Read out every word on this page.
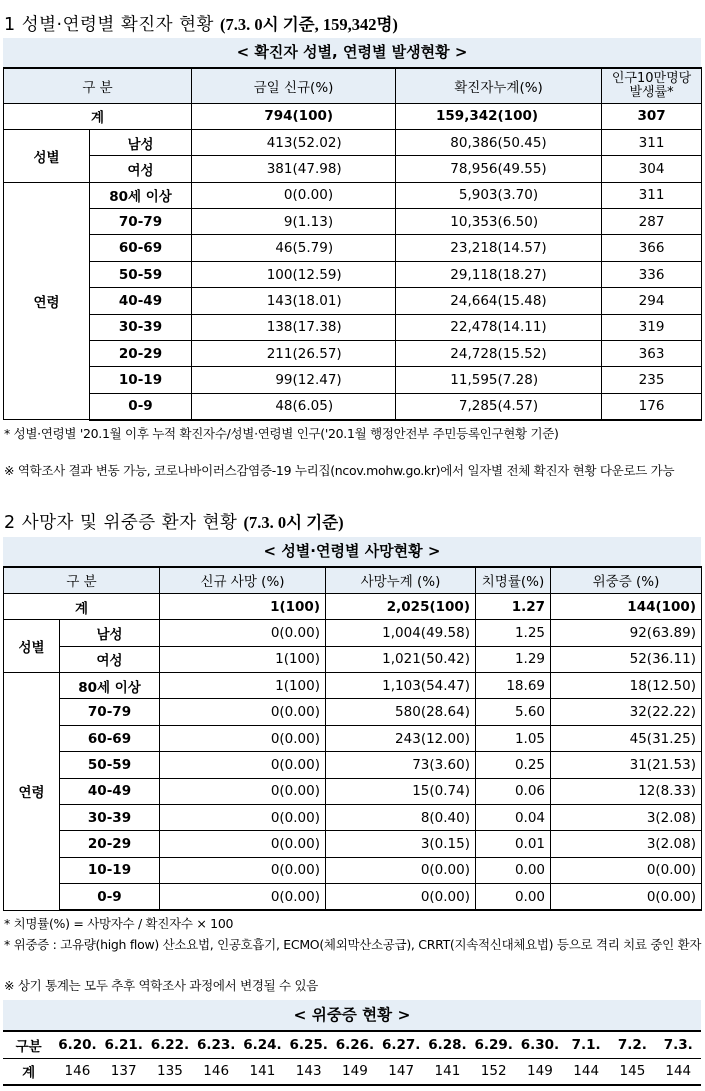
1 성별·연령별 확진자 현황 (7.3. 0시 기준, 159,342명)
< 확진자 성별, 연령별 발생현황 >
구 분		금일 신규(%)		확진자누계(%)		인구10만명당
발생률*
계		794	(100)	159,342	(100)	307
성별	남성	413	(52.02)	80,386	(50.45)	311
	여성	381	(47.98)	78,956	(49.55)	304
연령	80세 이상	0	(0.00)	5,903	(3.70)	311
	70-79	9	(1.13)	10,353	(6.50)	287
	60-69	46	(5.79)	23,218	(14.57)	366
	50-59	100	(12.59)	29,118	(18.27)	336
	40-49	143	(18.01)	24,664	(15.48)	294
	30-39	138	(17.38)	22,478	(14.11)	319
	20-29	211	(26.57)	24,728	(15.52)	363
	10-19	99	(12.47)	11,595	(7.28)	235
	0-9	48	(6.05)	7,285	(4.57)	176
* 성별·연령별 '20.1월 이후 누적 확진자수/성별·연령별 인구('20.1월 행정안전부 주민등록인구현황 기준)
※ 역학조사 결과 변동 가능, 코로나바이러스감염증-19 누리집(ncov.mohw.go.kr)에서 일자별 전체 확진자 현황 다운로드 가능
2 사망자 및 위중증 환자 현황 (7.3. 0시 기준)
< 성별·연령별 사망현황 >
구 분		신규 사망 (%)	사망누계 (%)	치명률(%)	위중증 (%)
계		1(100)	2,025(100)	1.27	144(100)
성별	남성	0(0.00)	1,004(49.58)	1.25	92(63.89)
	여성	1(100)	1,021(50.42)	1.29	52(36.11)
연령	80세 이상	1(100)	1,103(54.47)	18.69	18(12.50)
	70-79	0(0.00)	580(28.64)	5.60	32(22.22)
	60-69	0(0.00)	243(12.00)	1.05	45(31.25)
	50-59	0(0.00)	73(3.60)	0.25	31(21.53)
	40-49	0(0.00)	15(0.74)	0.06	12(8.33)
	30-39	0(0.00)	8(0.40)	0.04	3(2.08)
	20-29	0(0.00)	3(0.15)	0.01	3(2.08)
	10-19	0(0.00)	0(0.00)	0.00	0(0.00)
	0-9	0(0.00)	0(0.00)	0.00	0(0.00)
* 치명률(%) = 사망자수 / 확진자수 × 100
* 위중증 : 고유량(high flow) 산소요법, 인공호흡기, ECMO(체외막산소공급), CRRT(지속적신대체요법) 등으로 격리 치료 중인 환자
※ 상기 통계는 모두 추후 역학조사 과정에서 변경될 수 있음
< 위중증 현황 >
구분	6.20.	6.21.	6.22.	6.23.	6.24.	6.25.	6.26.	6.27.	6.28.	6.29.	6.30.	7.1.	7.2.	7.3.
계	146	137	135	146	141	143	149	147	141	152	149	144	145	144
